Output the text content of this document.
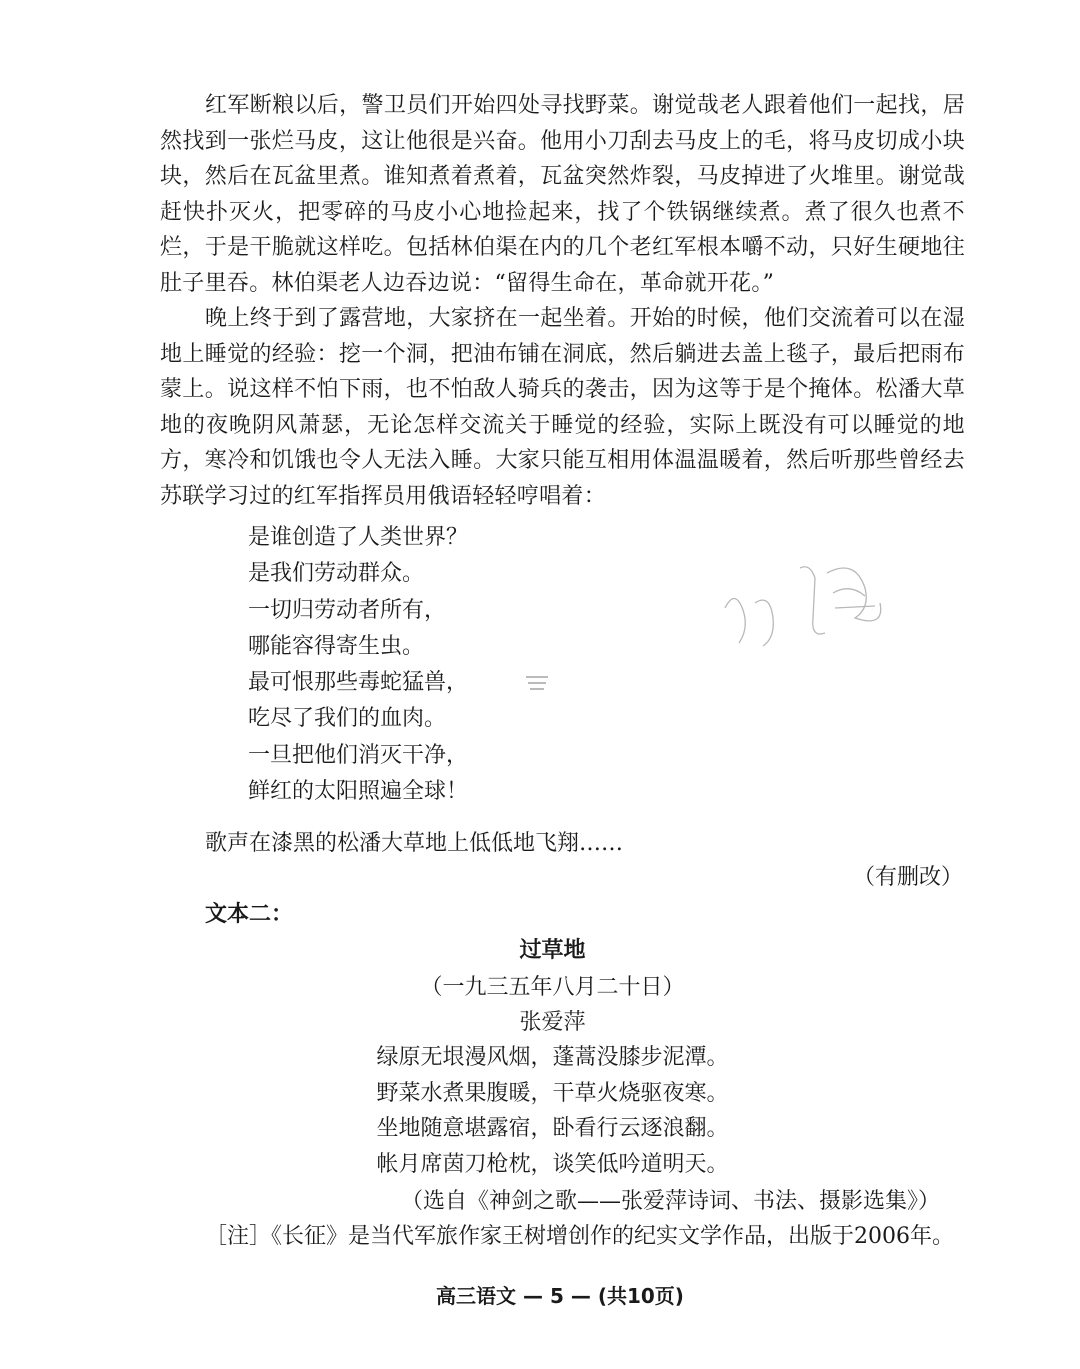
红军断粮以后，警卫员们开始四处寻找野菜。谢觉哉老人跟着他们一起找，居然找到一张烂马皮，这让他很是兴奋。他用小刀刮去马皮上的毛，将马皮切成小块块，然后在瓦盆里煮。谁知煮着煮着，瓦盆突然炸裂，马皮掉进了火堆里。谢觉哉赶快扑灭火，把零碎的马皮小心地捡起来，找了个铁锅继续煮。煮了很久也煮不烂，于是干脆就这样吃。包括林伯渠在内的几个老红军根本嚼不动，只好生硬地往肚子里吞。林伯渠老人边吞边说：“留得生命在，革命就开花。”

晚上终于到了露营地，大家挤在一起坐着。开始的时候，他们交流着可以在湿地上睡觉的经验：挖一个洞，把油布铺在洞底，然后躺进去盖上毯子，最后把雨布蒙上。说这样不怕下雨，也不怕敌人骑兵的袭击，因为这等于是个掩体。松潘大草地的夜晚阴风萧瑟，无论怎样交流关于睡觉的经验，实际上既没有可以睡觉的地方，寒冷和饥饿也令人无法入睡。大家只能互相用体温温暖着，然后听那些曾经去苏联学习过的红军指挥员用俄语轻轻哼唱着：

是谁创造了人类世界？
是我们劳动群众。
一切归劳动者所有，
哪能容得寄生虫。
最可恨那些毒蛇猛兽，
吃尽了我们的血肉。
一旦把他们消灭干净，
鲜红的太阳照遍全球！
歌声在漆黑的松潘大草地上低低地飞翔……
（有删改）
文本二：
过草地
（一九三五年八月二十日）
张爱萍
绿原无垠漫风烟，蓬蒿没膝步泥潭。
野菜水煮果腹暖，干草火烧驱夜寒。
坐地随意堪露宿，卧看行云逐浪翻。
帐月席茵刀枪枕，谈笑低吟道明天。
（选自《神剑之歌——张爱萍诗词、书法、摄影选集》）
［注］《长征》是当代军旅作家王树增创作的纪实文学作品，出版于2006年。
高三语文 — 5 — (共10页)
